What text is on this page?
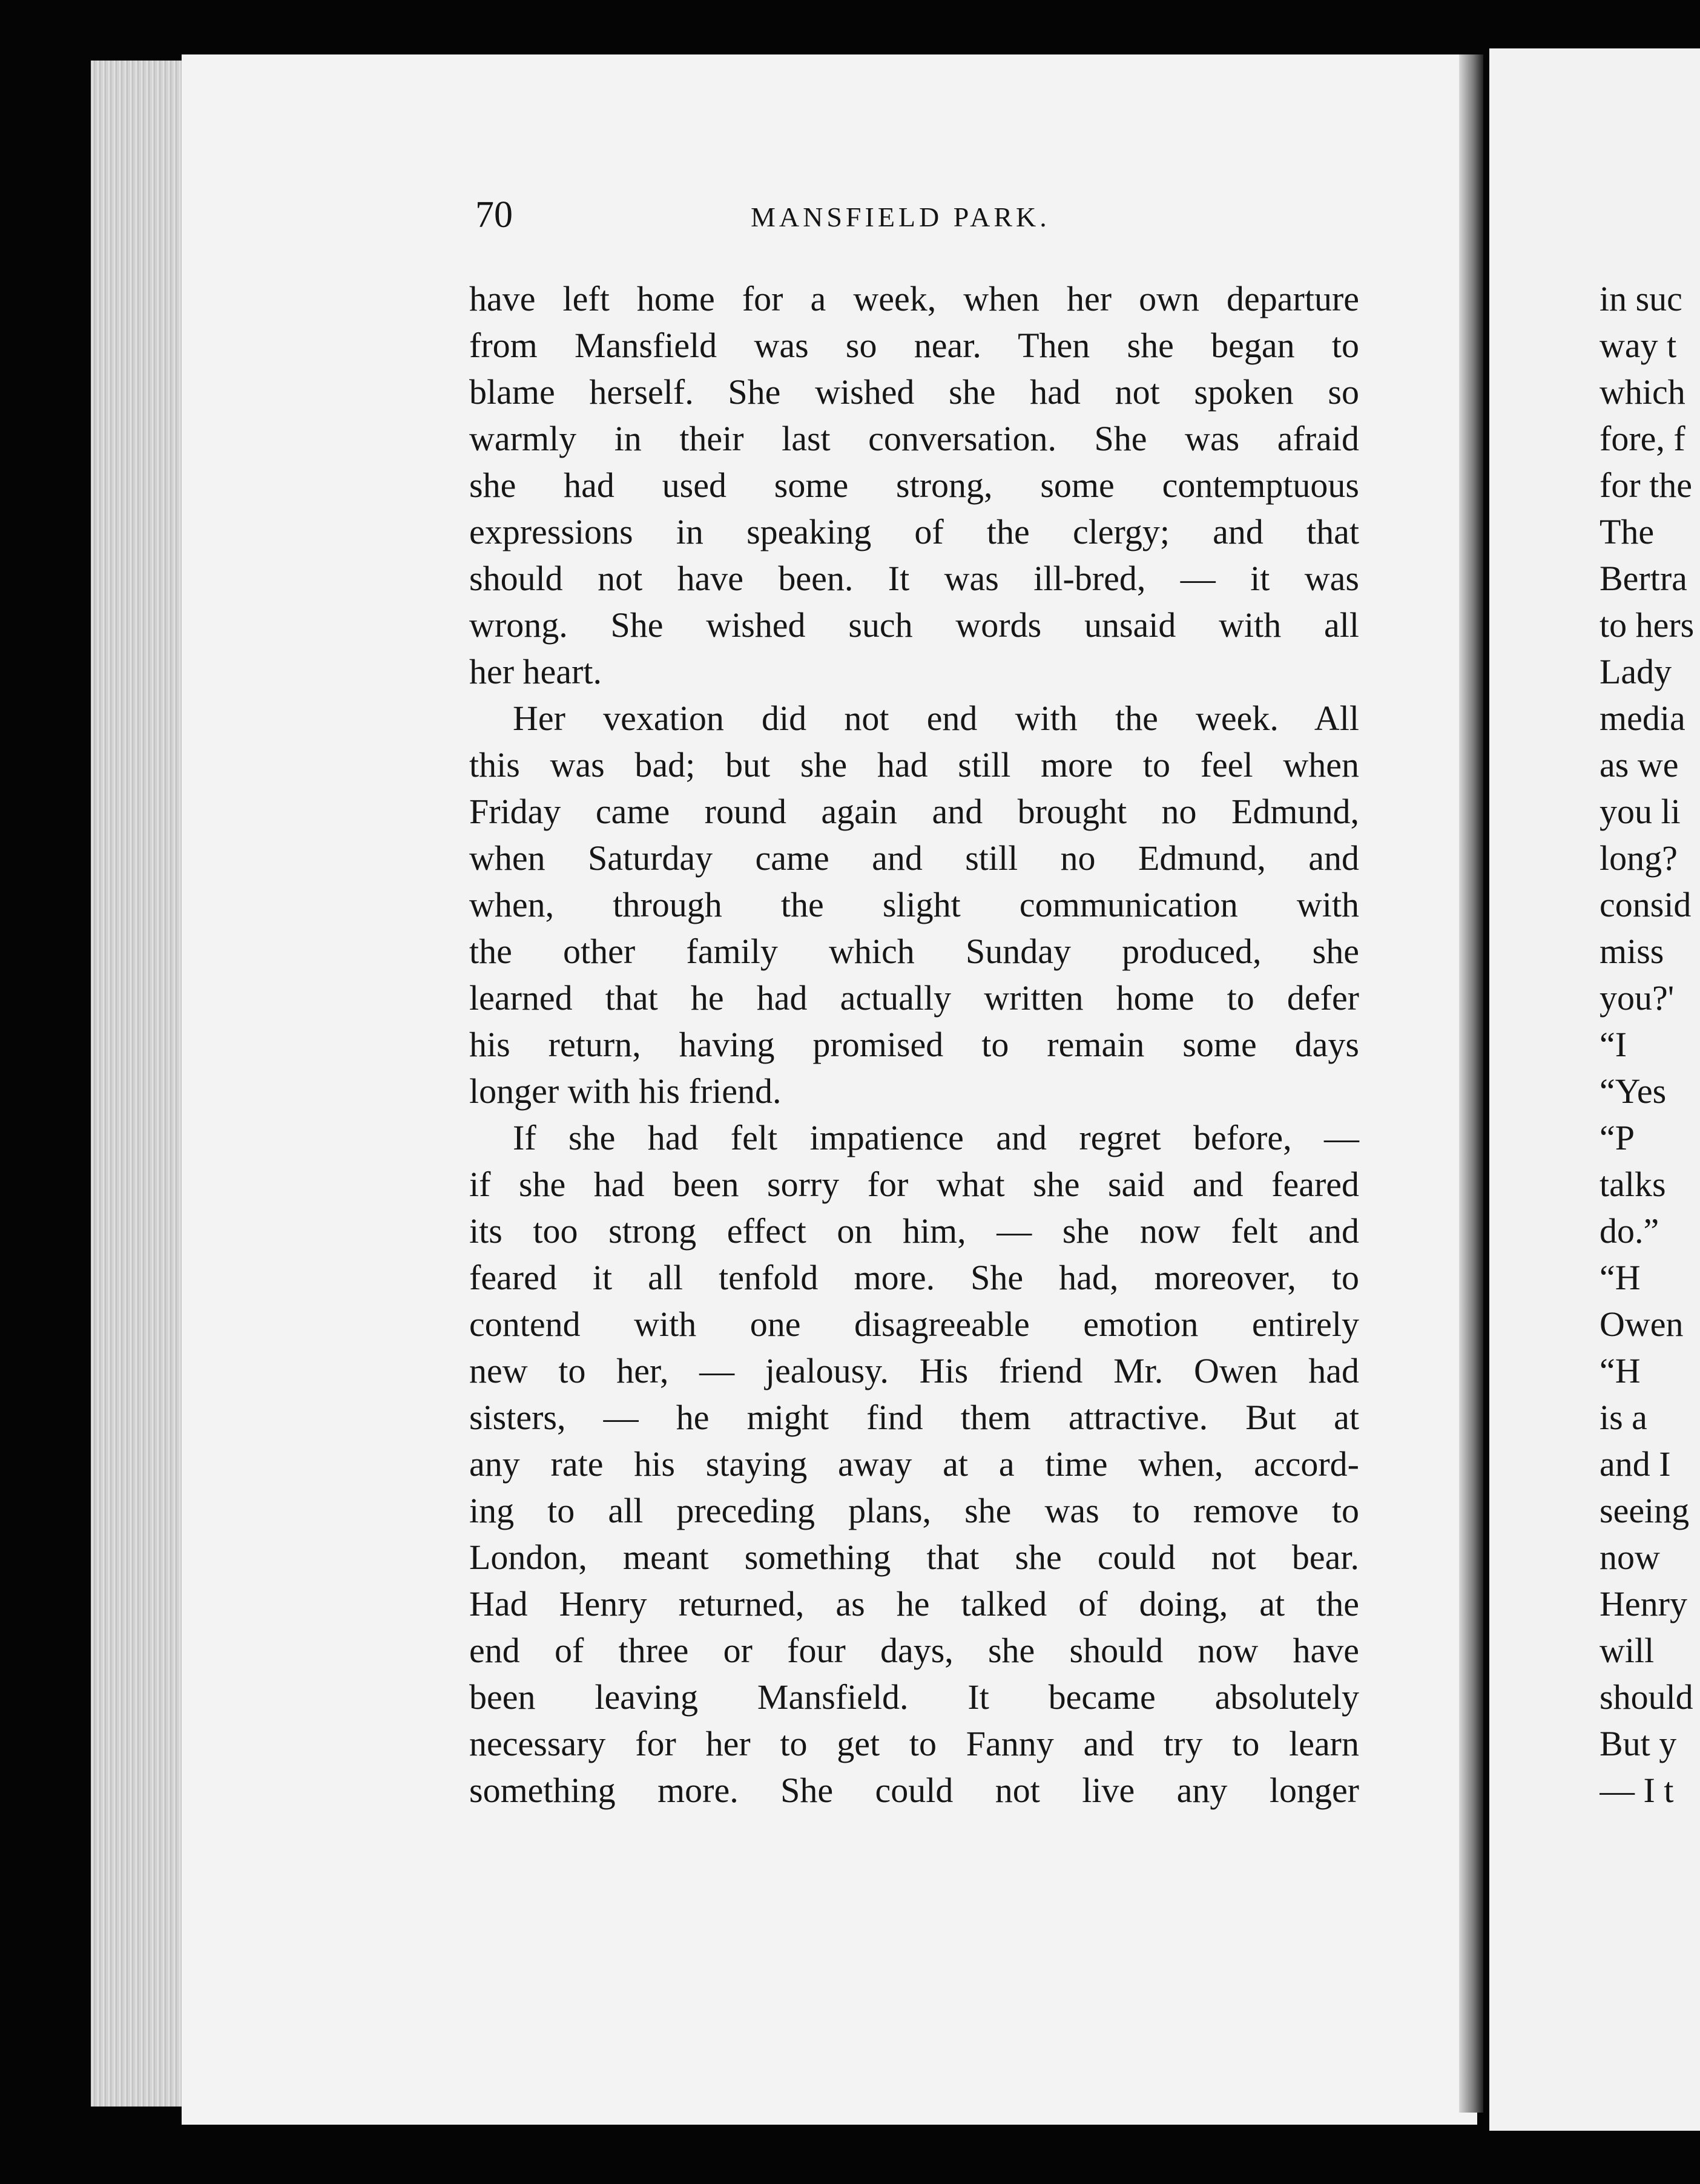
70	MANSFIELD PARK.
have left home for a week, when her own departure
from Mansfield was so near. Then she began to
blame herself. She wished she had not spoken so
warmly in their last conversation. She was afraid
she had used some strong, some contemptuous
expressions in speaking of the clergy; and that
should not have been. It was ill-bred, — it was
wrong. She wished such words unsaid with all
her heart.
Her vexation did not end with the week. All
this was bad; but she had still more to feel when
Friday came round again and brought no Edmund,
when Saturday came and still no Edmund, and
when, through the slight communication with
the other family which Sunday produced, she
learned that he had actually written home to defer
his return, having promised to remain some days
longer with his friend.
If she had felt impatience and regret before, —
if she had been sorry for what she said and feared
its too strong effect on him, — she now felt and
feared it all tenfold more. She had, moreover, to
contend with one disagreeable emotion entirely
new to her, — jealousy. His friend Mr. Owen had
sisters, — he might find them attractive. But at
any rate his staying away at a time when, accord-
ing to all preceding plans, she was to remove to
London, meant something that she could not bear.
Had Henry returned, as he talked of doing, at the
end of three or four days, she should now have
been leaving Mansfield. It became absolutely
necessary for her to get to Fanny and try to learn
something more. She could not live any longer
in suc
way t
which
fore, f
for the
The
Bertra
to hers
Lady
media
as we
you li
long?
consid
miss
you?'
“I
“Yes
“P
talks
do.”
“H
Owen
“H
is a
and I
seeing
now
Henry
will
should
But y
— I t
